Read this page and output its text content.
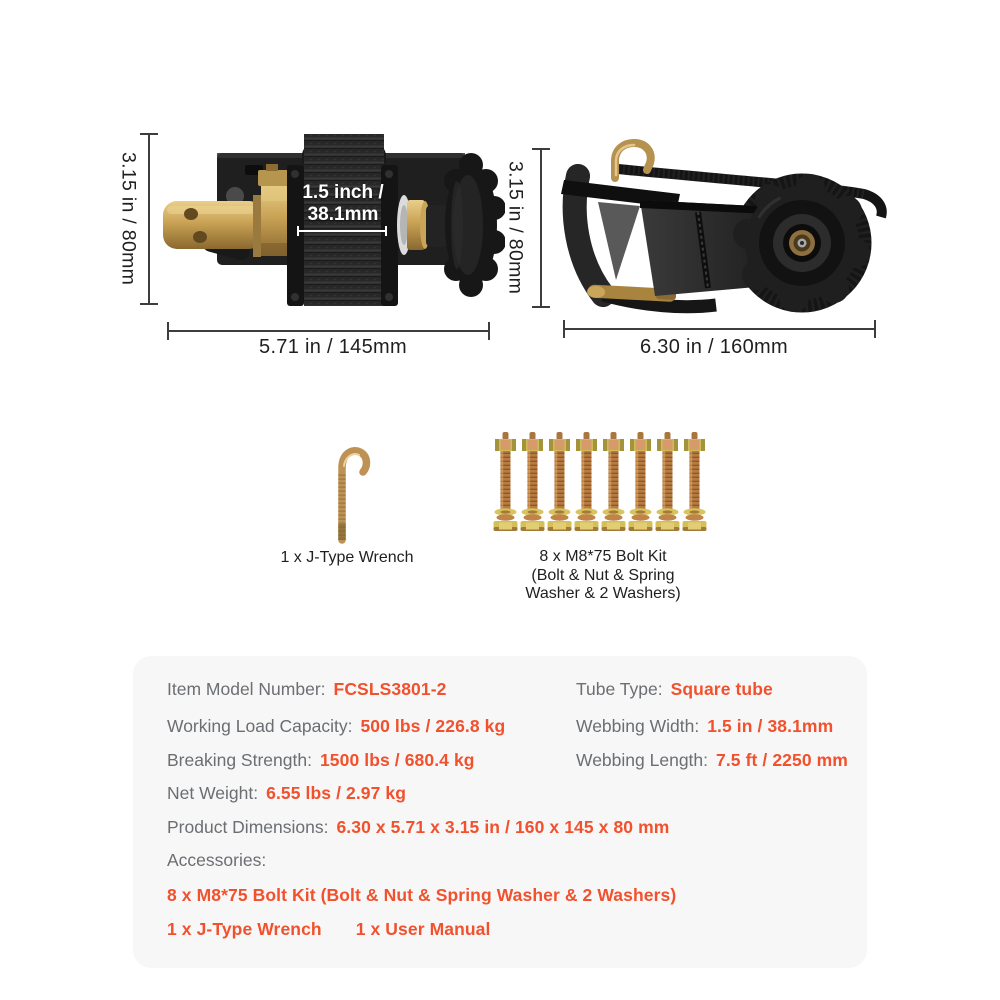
3.15 in / 80mm	1.5 inch /
38.1mm
5.71 in / 145mm
3.15 in / 80mm
6.30 in / 160mm
1 x J-Type Wrench	8 x M8*75 Bolt Kit
(Bolt & Nut & Spring
Washer & 2 Washers)
Item Model Number: FCSLS3801-2
Working Load Capacity: 500 lbs / 226.8 kg
Breaking Strength: 1500 lbs / 680.4 kg
Net Weight: 6.55 lbs / 2.97 kg
Product Dimensions: 6.30 x 5.71 x 3.15 in / 160 x 145 x 80 mm
Accessories:
8 x M8*75 Bolt Kit (Bolt & Nut & Spring Washer & 2 Washers)
1 x J-Type Wrench 1 x User Manual
Tube Type: Square tube
Webbing Width: 1.5 in / 38.1mm
Webbing Length: 7.5 ft / 2250 mm
